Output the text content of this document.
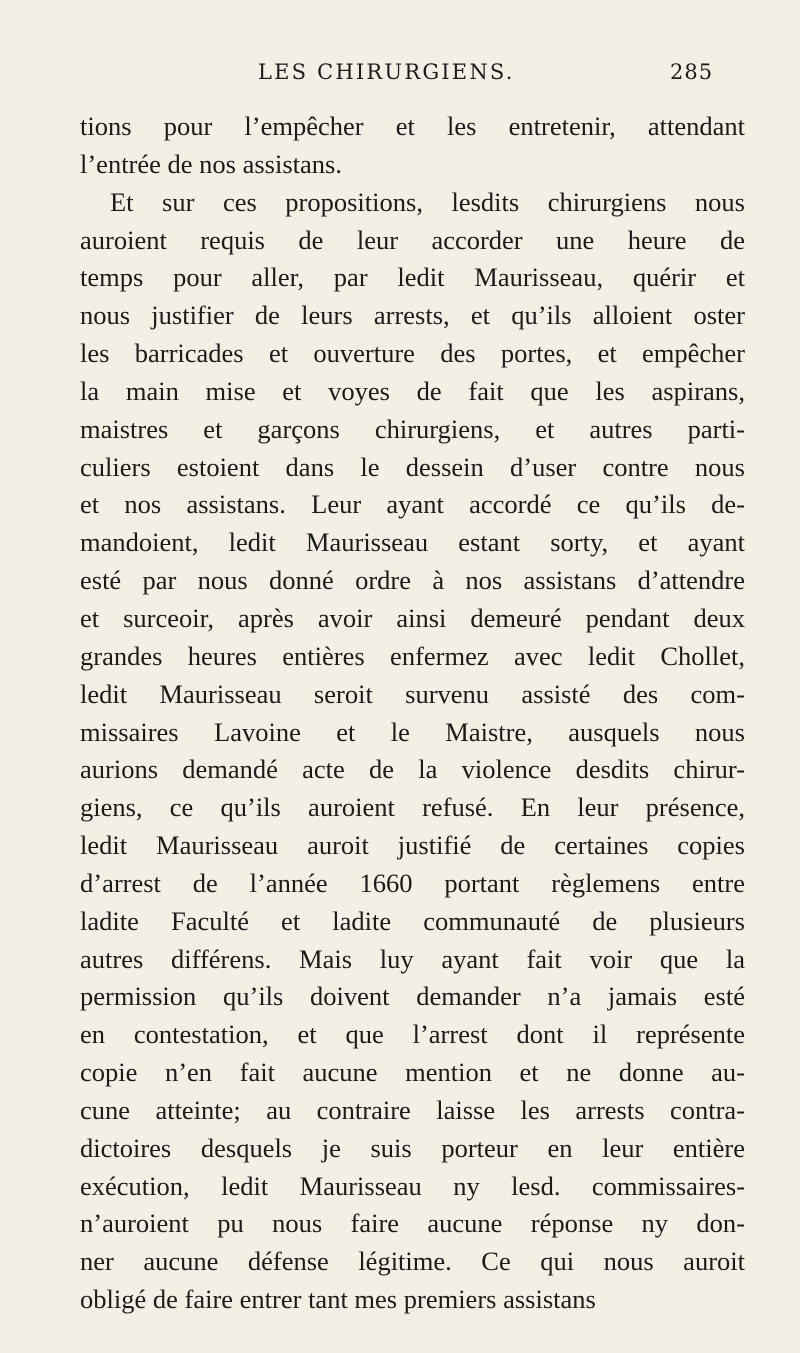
LES CHIRURGIENS.	285
tions pour l’empêcher et les entretenir, attendant
l’entrée de nos assistans.
Et sur ces propositions, lesdits chirurgiens nous
auroient requis de leur accorder une heure de
temps pour aller, par ledit Maurisseau, quérir et
nous justifier de leurs arrests, et qu’ils alloient oster
les barricades et ouverture des portes, et empêcher
la main mise et voyes de fait que les aspirans,
maistres et garçons chirurgiens, et autres parti-
culiers estoient dans le dessein d’user contre nous
et nos assistans. Leur ayant accordé ce qu’ils de-
mandoient, ledit Maurisseau estant sorty, et ayant
esté par nous donné ordre à nos assistans d’attendre
et surceoir, après avoir ainsi demeuré pendant deux
grandes heures entières enfermez avec ledit Chollet,
ledit Maurisseau seroit survenu assisté des com-
missaires Lavoine et le Maistre, ausquels nous
aurions demandé acte de la violence desdits chirur-
giens, ce qu’ils auroient refusé. En leur présence,
ledit Maurisseau auroit justifié de certaines copies
d’arrest de l’année 1660 portant règlemens entre
ladite Faculté et ladite communauté de plusieurs
autres différens. Mais luy ayant fait voir que la
permission qu’ils doivent demander n’a jamais esté
en contestation, et que l’arrest dont il représente
copie n’en fait aucune mention et ne donne au-
cune atteinte; au contraire laisse les arrests contra-
dictoires desquels je suis porteur en leur entière
exécution, ledit Maurisseau ny lesd. commissaires-
n’auroient pu nous faire aucune réponse ny don-
ner aucune défense légitime. Ce qui nous auroit
obligé de faire entrer tant mes premiers assistans
